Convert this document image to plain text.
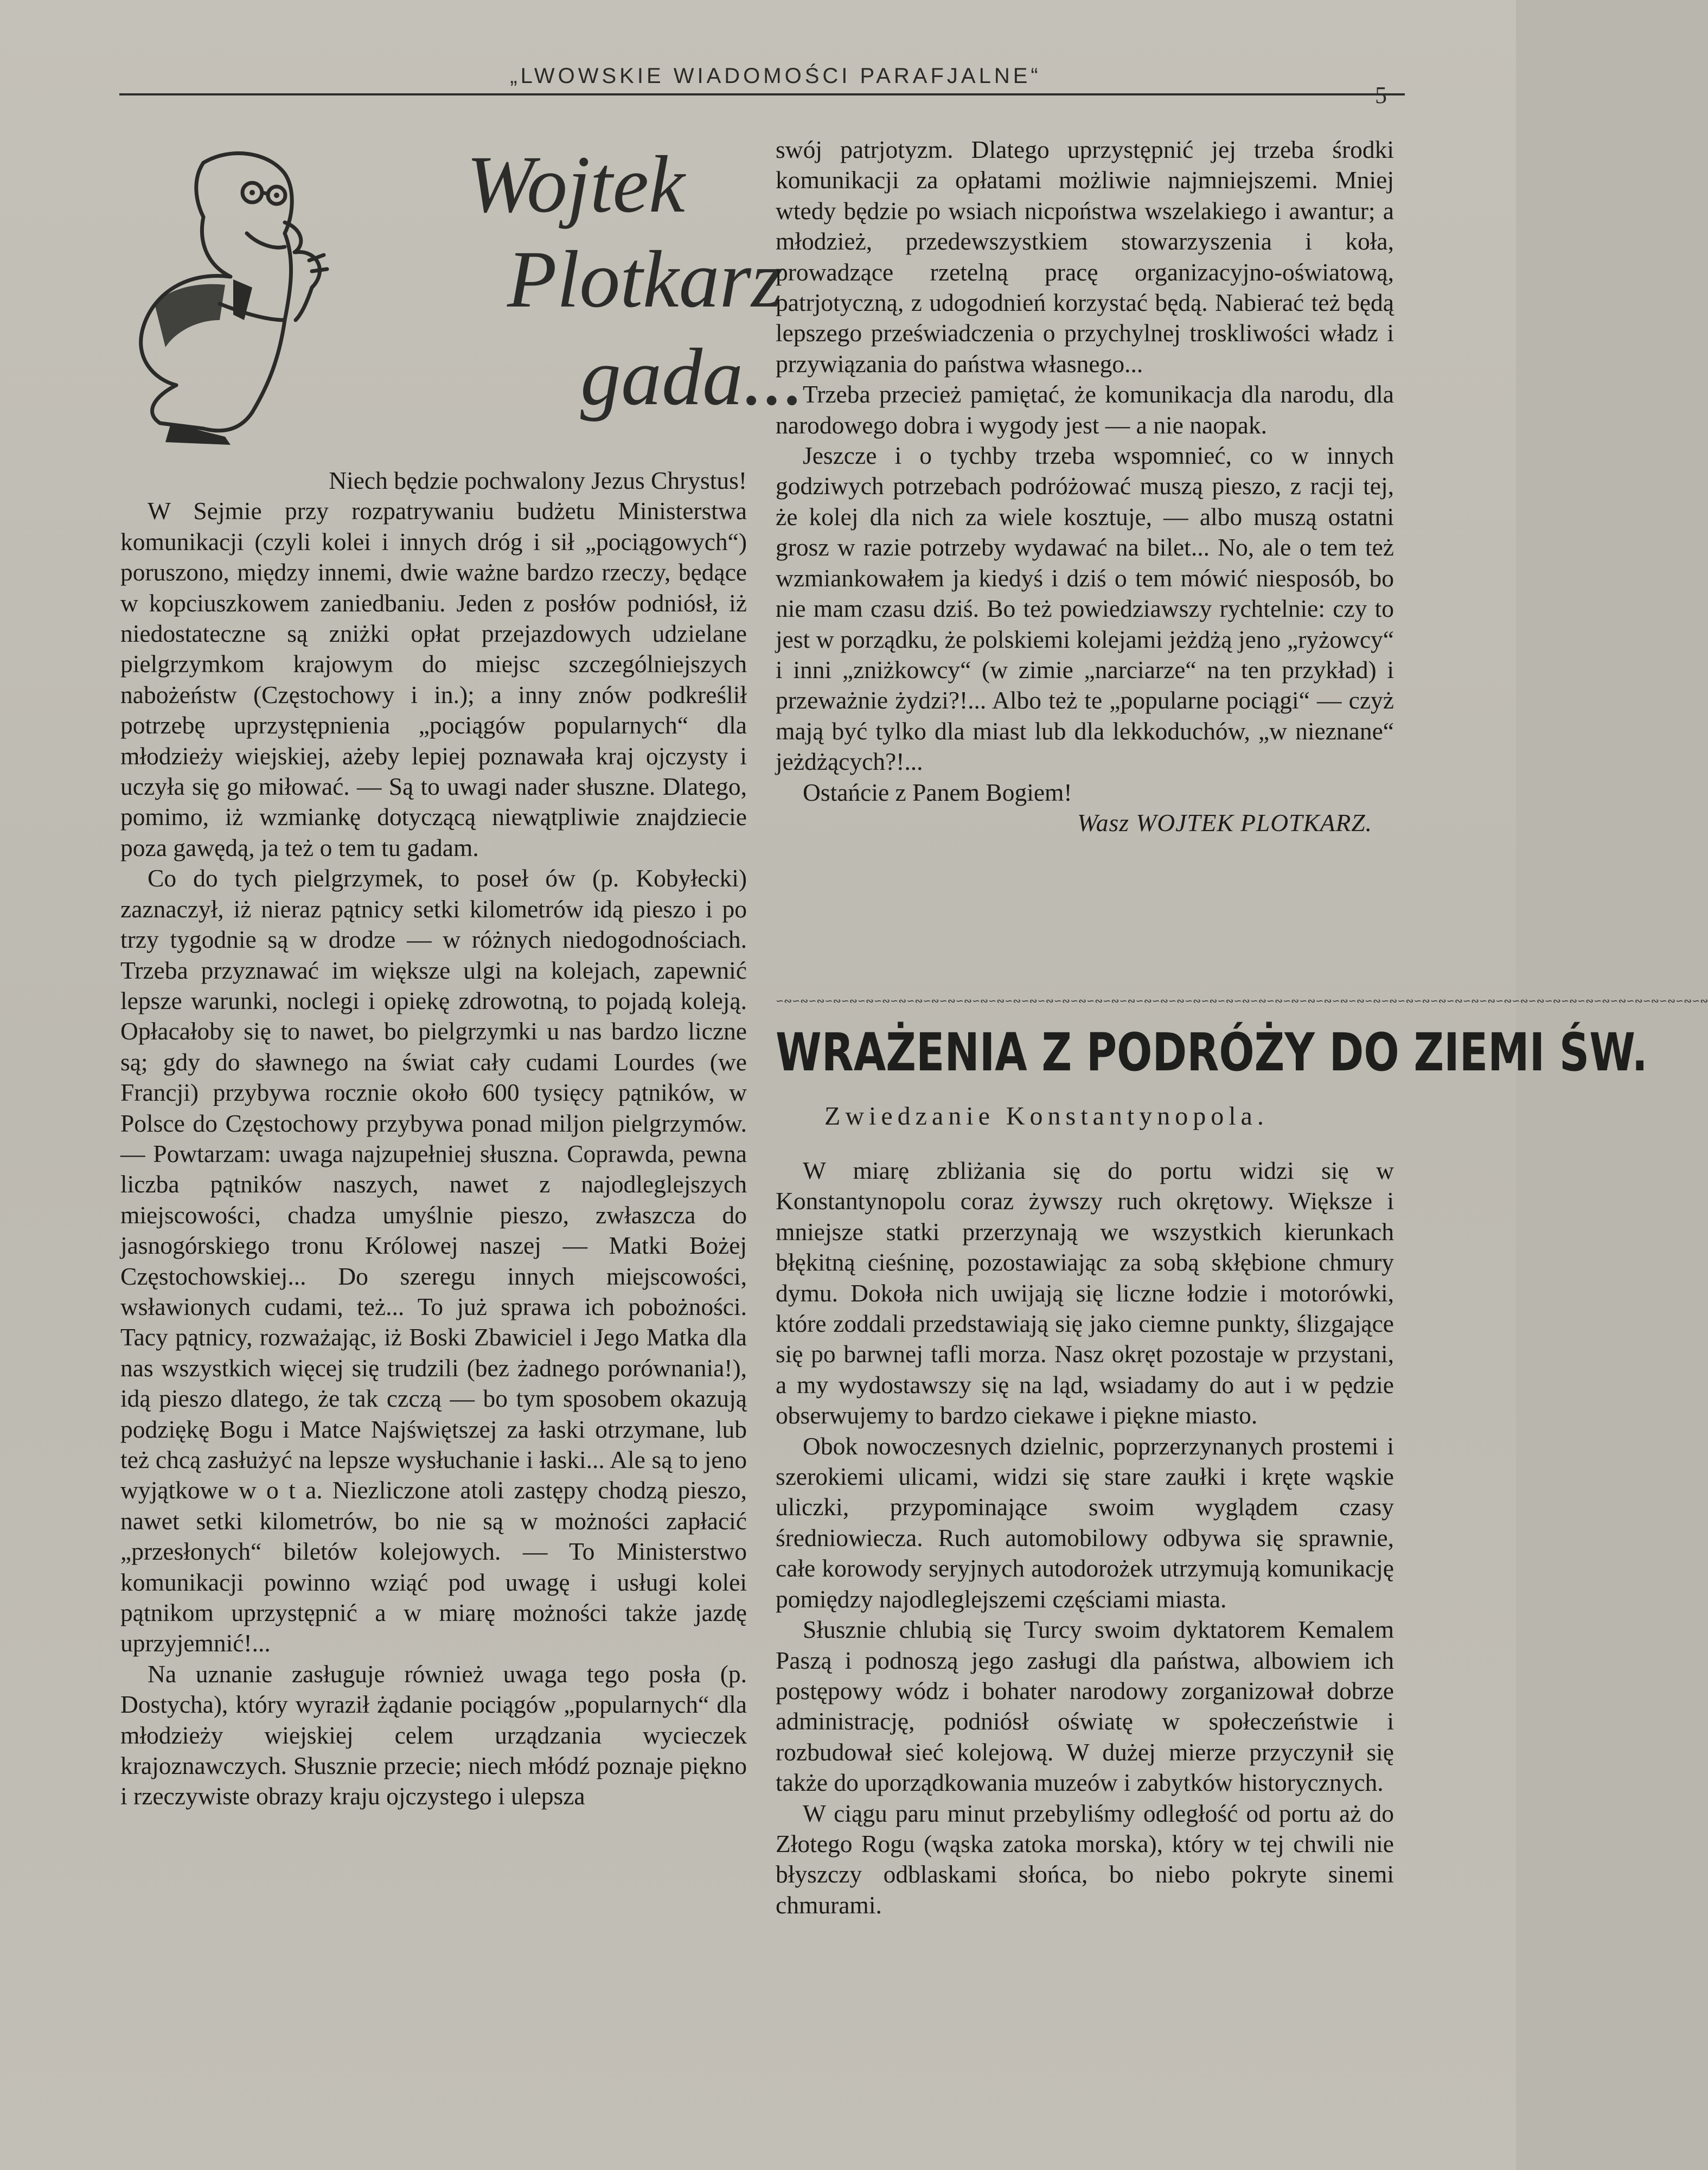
„LWOWSKIE WIADOMOŚCI PARAFJALNE“
Wojtek
Plotkarz
gada...

Niech będzie pochwalony Jezus Chrystus!

W Sejmie przy rozpatrywaniu budżetu Ministerstwa komunikacji (czyli kolei i innych dróg i sił „pociągowych“) poruszono, między innemi, dwie ważne bardzo rzeczy, będące w kopciuszkowem zaniedbaniu. Jeden z posłów podniósł, iż niedostateczne są zniżki opłat przejazdowych udzielane pielgrzymkom krajowym do miejsc szczególniejszych nabożeństw (Częstochowy i in.); a inny znów podkreślił potrzebę uprzystępnienia „pociągów popularnych“ dla młodzieży wiejskiej, ażeby lepiej poznawała kraj ojczysty i uczyła się go miłować. — Są to uwagi nader słuszne. Dlatego, pomimo, iż wzmiankę dotyczącą niewątpliwie znajdziecie poza gawędą, ja też o tem tu gadam.

Co do tych pielgrzymek, to poseł ów (p. Kobyłecki) zaznaczył, iż nieraz pątnicy setki kilometrów idą pieszo i po trzy tygodnie są w drodze — w różnych niedogodnościach. Trzeba przyznawać im większe ulgi na kolejach, zapewnić lepsze warunki, noclegi i opiekę zdrowotną, to pojadą koleją. Opłacałoby się to nawet, bo pielgrzymki u nas bardzo liczne są; gdy do sławnego na świat cały cudami Lourdes (we Francji) przybywa rocznie około 600 tysięcy pątników, w Polsce do Częstochowy przybywa ponad miljon pielgrzymów. — Powtarzam: uwaga najzupełniej słuszna. Coprawda, pewna liczba pątników naszych, nawet z najodleglejszych miejscowości, chadza umyślnie pieszo, zwłaszcza do jasnogórskiego tronu Królowej naszej — Matki Bożej Częstochowskiej... Do szeregu innych miejscowości, wsławionych cudami, też... To już sprawa ich pobożności. Tacy pątnicy, rozważając, iż Boski Zbawiciel i Jego Matka dla nas wszystkich więcej się trudzili (bez żadnego porównania!), idą pieszo dlatego, że tak czczą — bo tym sposobem okazują podziękę Bogu i Matce Najświętszej za łaski otrzymane, lub też chcą zasłużyć na lepsze wysłuchanie i łaski... Ale są to jeno wyjątkowe w o t a. Niezliczone atoli zastępy chodzą pieszo, nawet setki kilometrów, bo nie są w możności zapłacić „przesłonych“ biletów kolejowych. — To Ministerstwo komunikacji powinno wziąć pod uwagę i usługi kolei pątnikom uprzystępnić a w miarę możności także jazdę uprzyjemnić!...

Na uznanie zasługuje również uwaga tego posła (p. Dostycha), który wyraził żądanie pociągów „popularnych“ dla młodzieży wiejskiej celem urządzania wycieczek krajoznawczych. Słusznie przecie; niech młódź poznaje piękno i rzeczywiste obrazy kraju ojczystego i ulepsza

swój patrjotyzm. Dlatego uprzystępnić jej trzeba środki komunikacji za opłatami możliwie najmniejszemi. Mniej wtedy będzie po wsiach nicpoństwa wszelakiego i awantur; a młodzież, przedewszystkiem stowarzyszenia i koła, prowadzące rzetelną pracę organizacyjno-oświatową, patrjotyczną, z udogodnień korzystać będą. Nabierać też będą lepszego przeświadczenia o przychylnej troskliwości władz i przywiązania do państwa własnego...

Trzeba przecież pamiętać, że komunikacja dla narodu, dla narodowego dobra i wygody jest — a nie naopak.

Jeszcze i o tychby trzeba wspomnieć, co w innych godziwych potrzebach podróżować muszą pieszo, z racji tej, że kolej dla nich za wiele kosztuje, — albo muszą ostatni grosz w razie potrzeby wydawać na bilet... No, ale o tem też wzmiankowałem ja kiedyś i dziś o tem mówić niesposób, bo nie mam czasu dziś. Bo też powiedziawszy rychtelnie: czy to jest w porządku, że polskiemi kolejami jeżdżą jeno „ryżowcy“ i inni „zniżkowcy“ (w zimie „narciarze“ na ten przykład) i przeważnie żydzi?!... Albo też te „popularne pociągi“ — czyż mają być tylko dla miast lub dla lekkoduchów, „w nieznane“ jeżdżących?!...

Ostańcie z Panem Bogiem!

Wasz WOJTEK PLOTKARZ.

∽∾∽∾∽∾∽∾∽∾∽∾∽∾∽∾∽∾∽∾∽∾∽∾∽∾∽∾∽∾∽∾∽∾∽∾∽∾∽∾∽∾∽∾∽∾∽∾∽∾∽∾∽∾∽∾∽∾∽∾∽∾∽∾∽∾∽∾∽∾∽∾∽∾∽∾∽∾∽∾∽∾∽∾∽∾∽∾∽∾∽∾∽∾∽∾∽∾∽∾∽∾∽∾∽∾∽∾∽∾∽∾∽∾
WRAŻENIA Z PODRÓŻY DO ZIEMI ŚW.
Zwiedzanie Konstantynopola.

W miarę zbliżania się do portu widzi się w Konstantynopolu coraz żywszy ruch okrętowy. Większe i mniejsze statki przerzynają we wszystkich kierunkach błękitną cieśninę, pozostawiając za sobą skłębione chmury dymu. Dokoła nich uwijają się liczne łodzie i motorówki, które zoddali przedstawiają się jako ciemne punkty, ślizgające się po barwnej tafli morza. Nasz okręt pozostaje w przystani, a my wydostawszy się na ląd, wsiadamy do aut i w pędzie obserwujemy to bardzo ciekawe i piękne miasto.

Obok nowoczesnych dzielnic, poprzerzynanych prostemi i szerokiemi ulicami, widzi się stare zaułki i kręte wąskie uliczki, przypominające swoim wyglądem czasy średniowiecza. Ruch automobilowy odbywa się sprawnie, całe korowody seryjnych autodorożek utrzymują komunikację pomiędzy najodleglejszemi częściami miasta.

Słusznie chlubią się Turcy swoim dyktatorem Kemalem Paszą i podnoszą jego zasługi dla państwa, albowiem ich postępowy wódz i bohater narodowy zorganizował dobrze administrację, podniósł oświatę w społeczeństwie i rozbudował sieć kolejową. W dużej mierze przyczynił się także do uporządkowania muzeów i zabytków historycznych.

W ciągu paru minut przebyliśmy odległość od portu aż do Złotego Rogu (wąska zatoka morska), który w tej chwili nie błyszczy odblaskami słońca, bo niebo pokryte sinemi chmurami.
